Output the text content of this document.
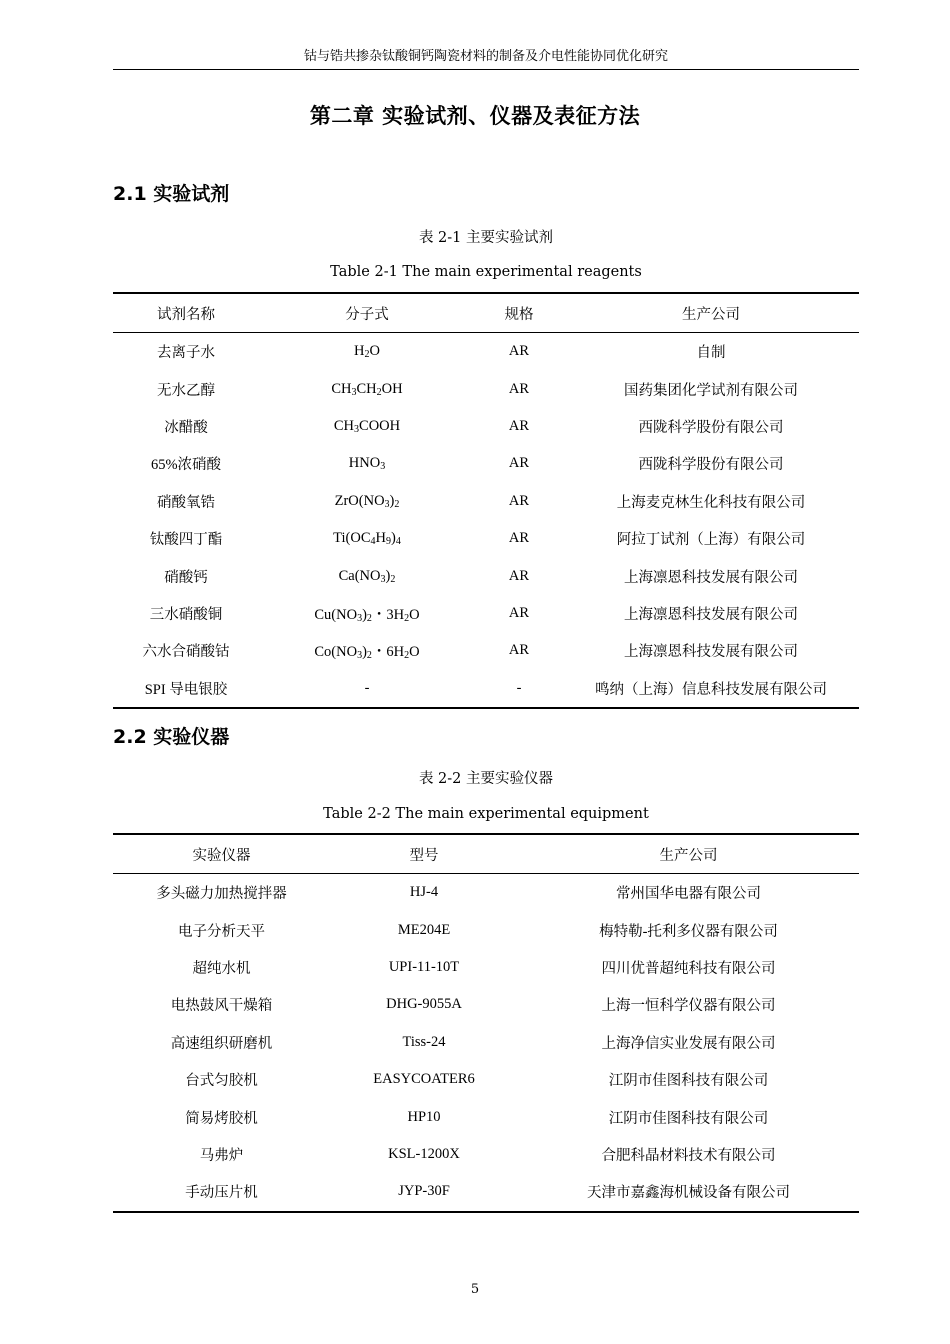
钴与锆共掺杂钛酸铜钙陶瓷材料的制备及介电性能协同优化研究
第二章 实验试剂、仪器及表征方法
2.1 实验试剂
表 2-1 主要实验试剂
Table 2-1 The main experimental reagents
试剂名称	分子式	规格	生产公司
去离子水	$H_2O$	AR	自制
无水乙醇	$CH_3CH_2OH$	AR	国药集团化学试剂有限公司
冰醋酸	$CH_3COOH$	AR	西陇科学股份有限公司
65%浓硝酸	$HNO_3$	AR	西陇科学股份有限公司
硝酸氧锆	$ZrO(NO_3)_2$	AR	上海麦克林生化科技有限公司
钛酸四丁酯	$Ti(OC_4H_9)_4$	AR	阿拉丁试剂（上海）有限公司
硝酸钙	$Ca(NO_3)_2$	AR	上海凛恩科技发展有限公司
三水硝酸铜	$Cu(NO_3)_2$・$3H_2O$	AR	上海凛恩科技发展有限公司
六水合硝酸钴	$Co(NO_3)_2$・$6H_2O$	AR	上海凛恩科技发展有限公司
SPI 导电银胶	-	-	鸣纳（上海）信息科技发展有限公司
2.2 实验仪器
表 2-2 主要实验仪器
Table 2-2 The main experimental equipment
实验仪器	型号	生产公司
多头磁力加热搅拌器	HJ-4	常州国华电器有限公司
电子分析天平	ME204E	梅特勒-托利多仪器有限公司
超纯水机	UPI-11-10T	四川优普超纯科技有限公司
电热鼓风干燥箱	DHG-9055A	上海一恒科学仪器有限公司
高速组织研磨机	Tiss-24	上海净信实业发展有限公司
台式匀胶机	EASYCOATER6	江阴市佳图科技有限公司
简易烤胶机	HP10	江阴市佳图科技有限公司
马弗炉	KSL-1200X	合肥科晶材料技术有限公司
手动压片机	JYP-30F	天津市嘉鑫海机械设备有限公司
5
